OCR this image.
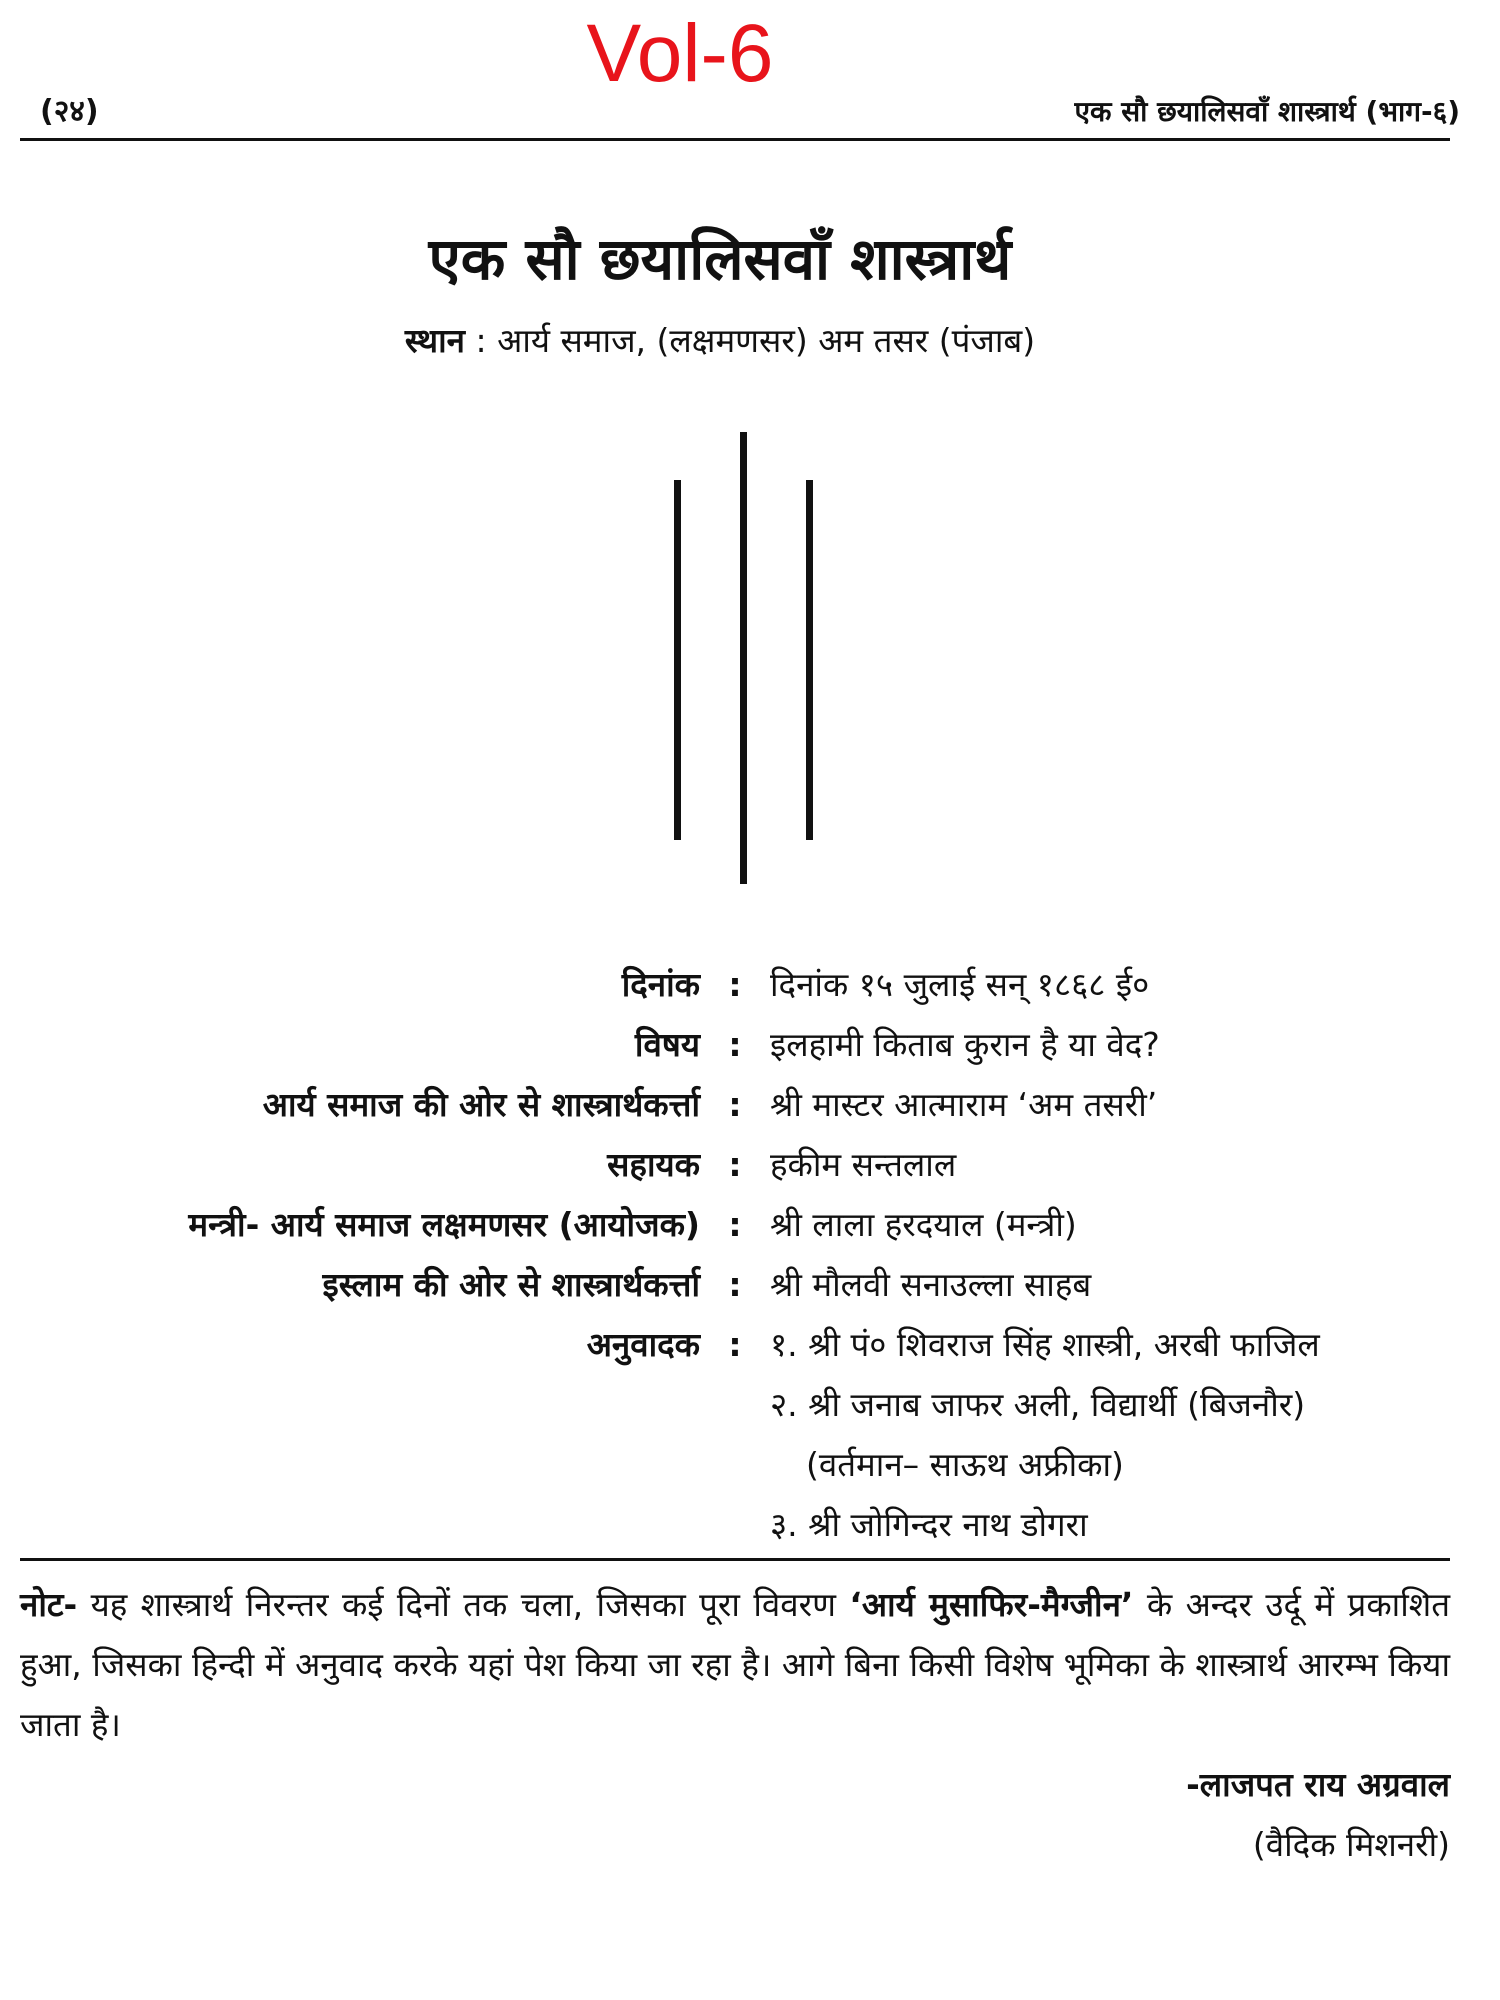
Vol-6
(२४)	एक सौ छयालिसवाँ शास्त्रार्थ (भाग-६)
एक सौ छयालिसवाँ शास्त्रार्थ
स्थान : आर्य समाज, (लक्षमणसर) अम तसर (पंजाब)
दिनांक : दिनांक १५ जुलाई सन् १८६८ ई०
विषय : इलहामी किताब कुरान है या वेद?
आर्य समाज की ओर से शास्त्रार्थकर्त्ता : श्री मास्टर आत्माराम ‘अम तसरी’
सहायक : हकीम सन्तलाल
मन्त्री- आर्य समाज लक्षमणसर (आयोजक) : श्री लाला हरदयाल (मन्त्री)
इस्लाम की ओर से शास्त्रार्थकर्त्ता : श्री मौलवी सनाउल्ला साहब
अनुवादक : १. श्री पं० शिवराज सिंह शास्त्री, अरबी फाजिल
२. श्री जनाब जाफर अली, विद्यार्थी (बिजनौर)
(वर्तमान– साऊथ अफ्रीका)
३. श्री जोगिन्दर नाथ डोगरा
नोट- यह शास्त्रार्थ निरन्तर कई दिनों तक चला, जिसका पूरा विवरण ‘आर्य मुसाफिर-मैग्जीन’ के अन्दर उर्दू में प्रकाशित हुआ, जिसका हिन्दी में अनुवाद करके यहां पेश किया जा रहा है। आगे बिना किसी विशेष भूमिका के शास्त्रार्थ आरम्भ किया जाता है।
-लाजपत राय अग्रवाल
(वैदिक मिशनरी)
